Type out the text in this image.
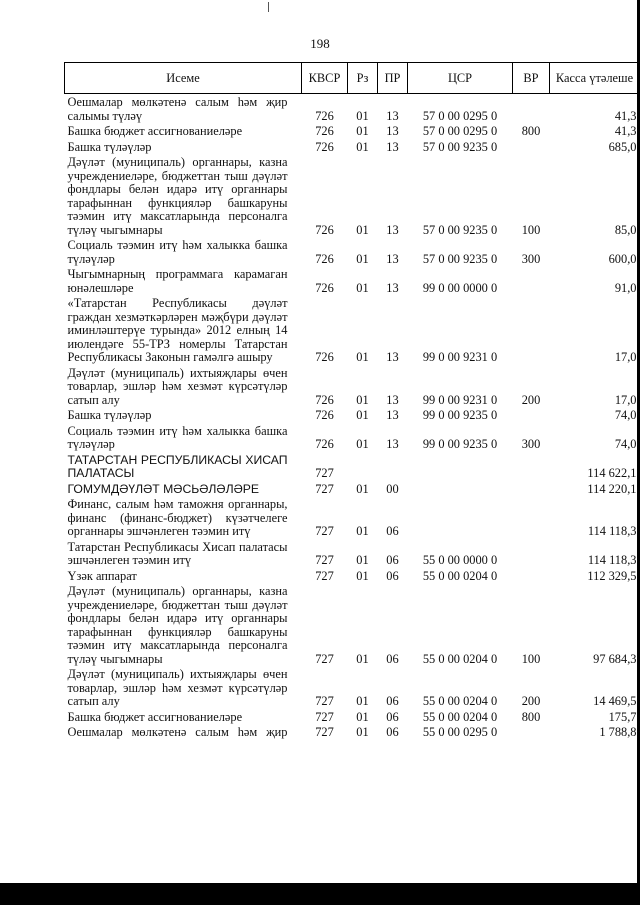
198
Исеме	КВСР	Рз	ПР	ЦСР	ВР	Касса үтәлеше
Оешмалар мөлкәтенә салым һәм җир салымы түләү	726	01	13	57 0 00 0295 0		41,3
Башка бюджет ассигнованиеләре	726	01	13	57 0 00 0295 0	800	41,3
Башка түләүләр	726	01	13	57 0 00 9235 0		685,0
Дәүләт (муниципаль) органнары, казна учреждениеләре, бюджеттан тыш дәүләт фондлары белән идарә итү органнары тарафыннан функцияләр башкаруны тәэмин итү максатларында персоналга түләү чыгымнары	726	01	13	57 0 00 9235 0	100	85,0
Социаль тәэмин итү һәм халыкка башка түләүләр	726	01	13	57 0 00 9235 0	300	600,0
Чыгымнарның программага карамаган юнәлешләре	726	01	13	99 0 00 0000 0		91,0
«Татарстан Республикасы дәүләт граждан хезмәткәрләрен мәҗбүри дәүләт иминләштерүе турында» 2012 елның 14 июлендәге 55-ТРЗ номерлы Татарстан Республикасы Законын гамәлгә ашыру	726	01	13	99 0 00 9231 0		17,0
Дәүләт (муниципаль) ихтыяҗлары өчен товарлар, эшләр һәм хезмәт күрсәтүләр сатып алу	726	01	13	99 0 00 9231 0	200	17,0
Башка түләүләр	726	01	13	99 0 00 9235 0		74,0
Социаль тәэмин итү һәм халыкка башка түләүләр	726	01	13	99 0 00 9235 0	300	74,0
ТАТАРСТАН РЕСПУБЛИКАСЫ ХИСАП ПАЛАТАСЫ	727					114 622,1
ГОМУМДӘҮЛӘТ МӘСЬӘЛӘЛӘРЕ	727	01	00			114 220,1
Финанс, салым һәм таможня органнары, финанс (финанс-бюджет) күзәтчелеге органнары эшчәнлеген тәэмин итү	727	01	06			114 118,3
Татарстан Республикасы Хисап палатасы эшчәнлеген тәэмин итү	727	01	06	55 0 00 0000 0		114 118,3
Үзәк аппарат	727	01	06	55 0 00 0204 0		112 329,5
Дәүләт (муниципаль) органнары, казна учреждениеләре, бюджеттан тыш дәүләт фондлары белән идарә итү органнары тарафыннан функцияләр башкаруны тәэмин итү максатларында персоналга түләү чыгымнары	727	01	06	55 0 00 0204 0	100	97 684,3
Дәүләт (муниципаль) ихтыяҗлары өчен товарлар, эшләр һәм хезмәт күрсәтүләр сатып алу	727	01	06	55 0 00 0204 0	200	14 469,5
Башка бюджет ассигнованиеләре	727	01	06	55 0 00 0204 0	800	175,7
Оешмалар мөлкәтенә салым һәм җир	727	01	06	55 0 00 0295 0		1 788,8
